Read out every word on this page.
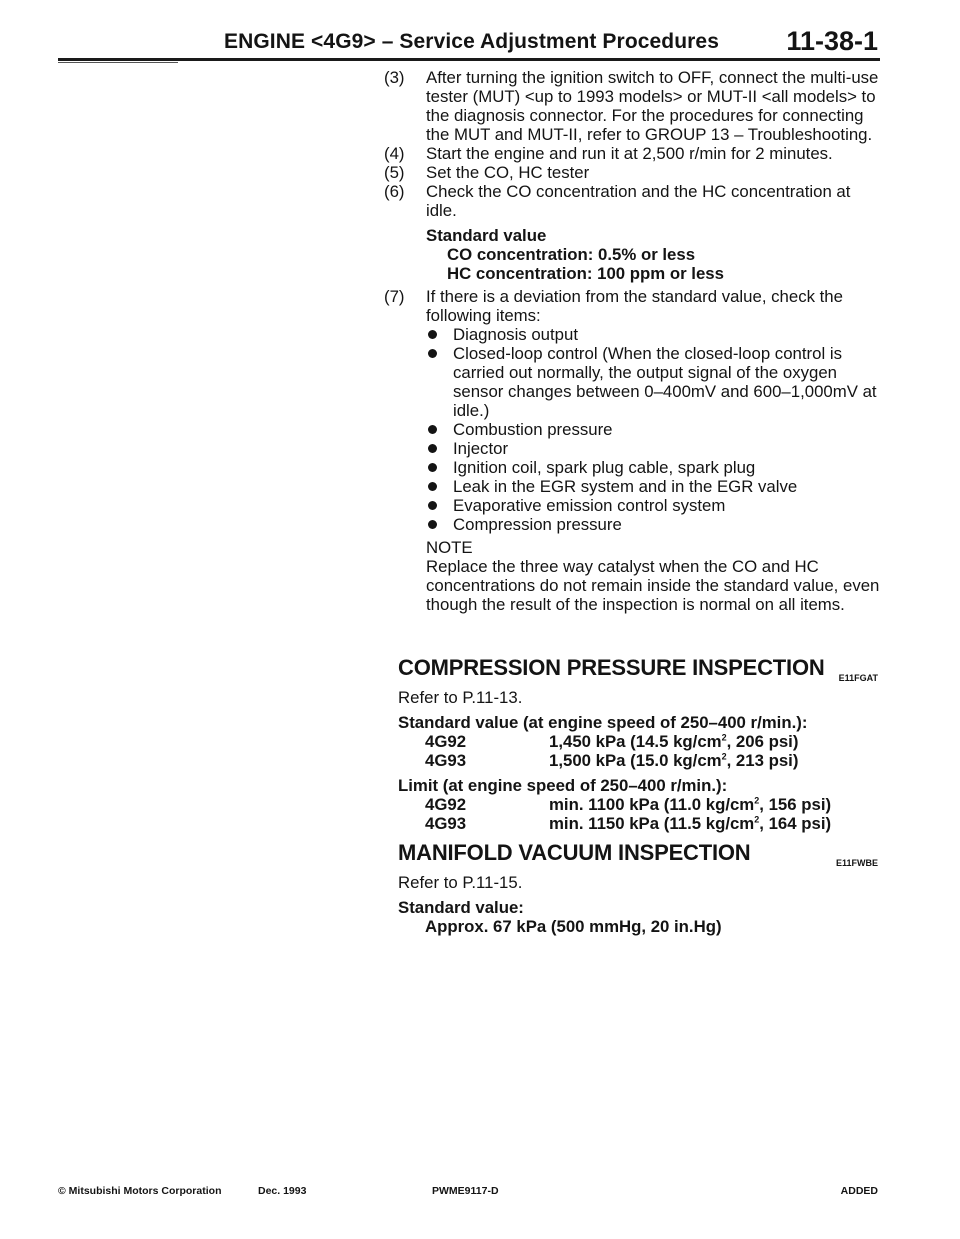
ENGINE <4G9> – Service Adjustment Procedures 11-38-1
(3) After turning the ignition switch to OFF, connect the multi-use tester (MUT) <up to 1993 models> or MUT-II <all models> to the diagnosis connector. For the procedures for connecting the MUT and MUT-II, refer to GROUP 13 – Troubleshooting.
(4) Start the engine and run it at 2,500 r/min for 2 minutes.
(5) Set the CO, HC tester
(6) Check the CO concentration and the HC concentration at idle.
Standard value
CO concentration: 0.5% or less
HC concentration: 100 ppm or less
(7) If there is a deviation from the standard value, check the following items:
Diagnosis output
Closed-loop control (When the closed-loop control is carried out normally, the output signal of the oxygen sensor changes between 0–400mV and 600–1,000mV at idle.)
Combustion pressure
Injector
Ignition coil, spark plug cable, spark plug
Leak in the EGR system and in the EGR valve
Evaporative emission control system
Compression pressure
NOTE
Replace the three way catalyst when the CO and HC concentrations do not remain inside the standard value, even though the result of the inspection is normal on all items.
COMPRESSION PRESSURE INSPECTION E11FGAT
Refer to P.11-13.
Standard value (at engine speed of 250–400 r/min.):
4G92	1,450 kPa (14.5 $kg/cm^2$, 206 psi)
4G93	1,500 kPa (15.0 $kg/cm^2$, 213 psi)
Limit (at engine speed of 250–400 r/min.):
4G92	min. 1100 kPa (11.0 $kg/cm^2$, 156 psi)
4G93	min. 1150 kPa (11.5 $kg/cm^2$, 164 psi)
MANIFOLD VACUUM INSPECTION	E11FWBE
Refer to P.11-15.
Standard value:
Approx. 67 kPa (500 mmHg, 20 in.Hg)
© Mitsubishi Motors Corporation	Dec. 1993	PWME9117-D	ADDED
